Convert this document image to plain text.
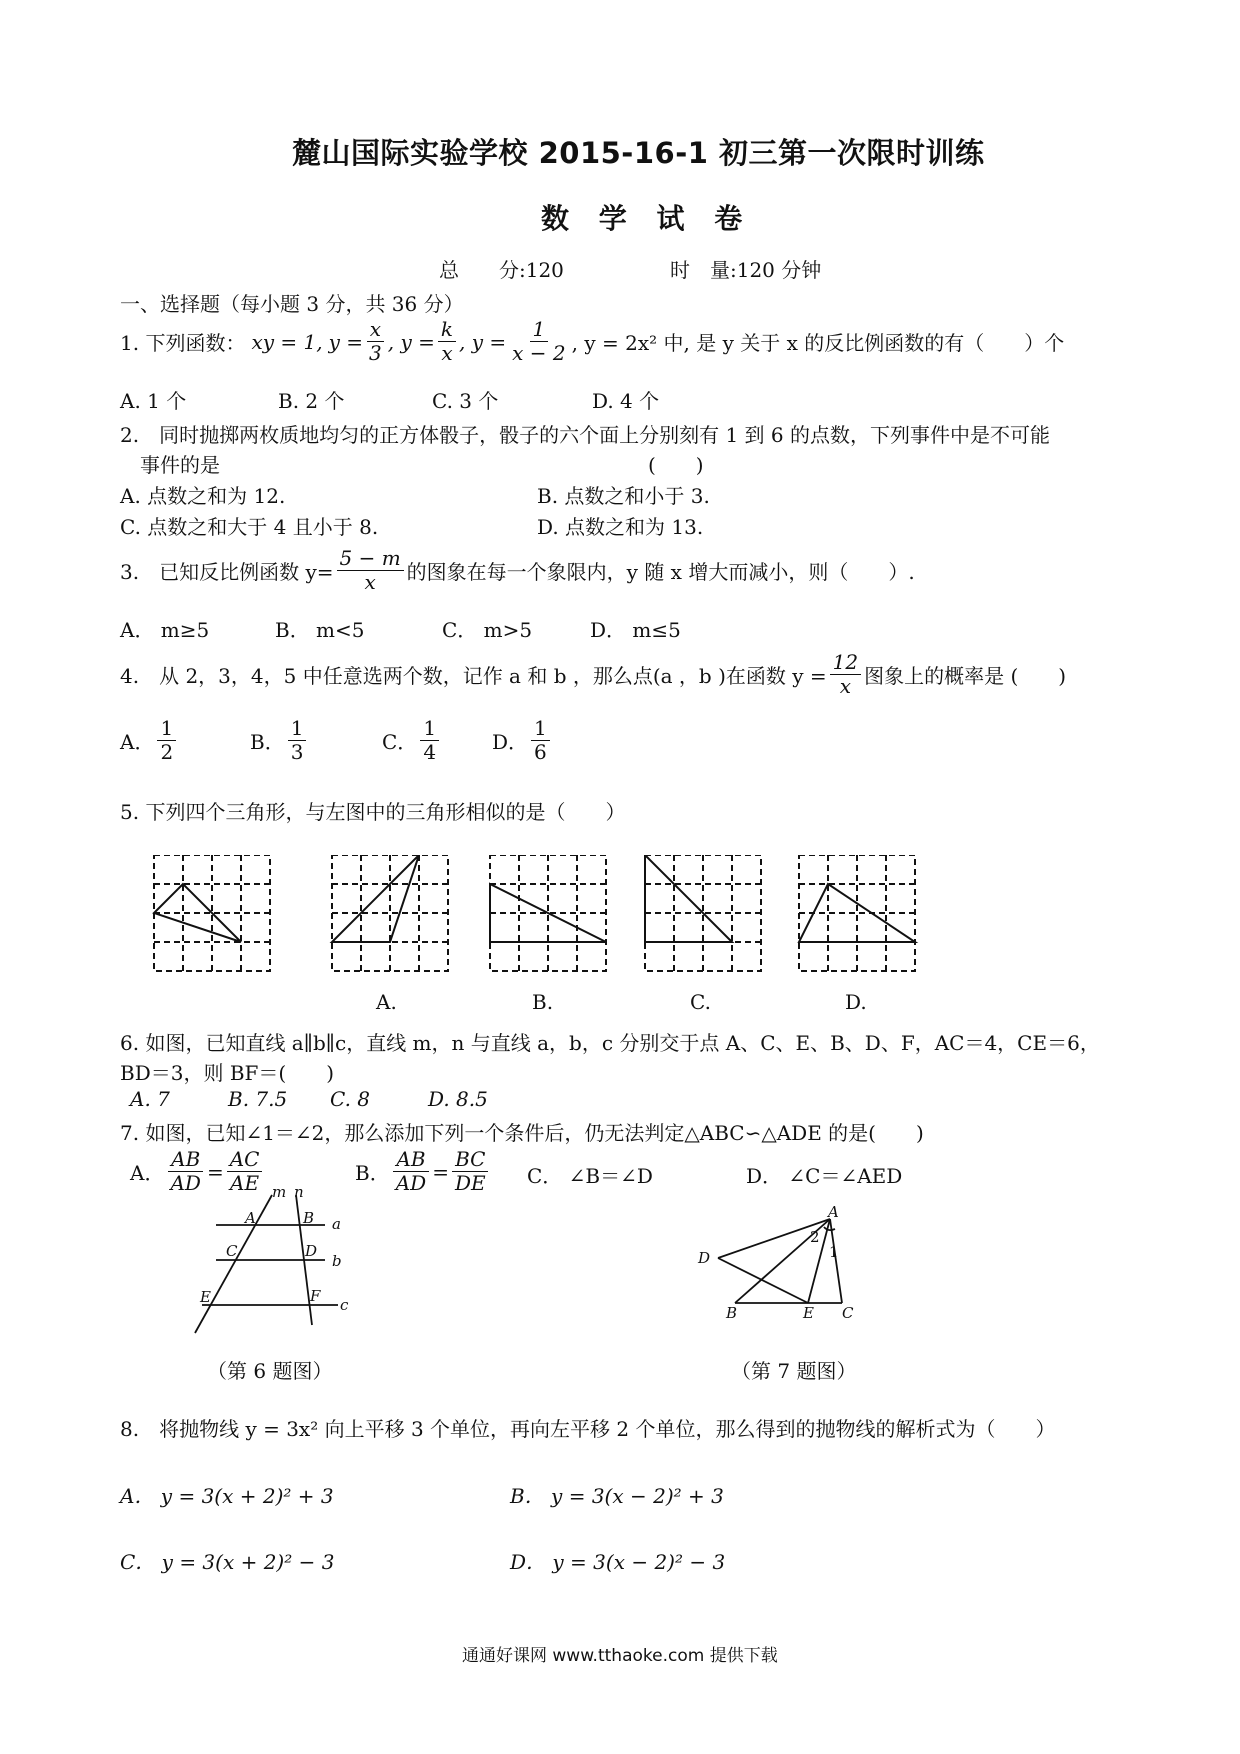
麓山国际实验学校 2015-16-1 初三第一次限时训练
数 学 试 卷
总　　分:120	时　量:120 分钟
一、选择题（每小题 3 分，共 36 分）
1. 下列函数： xy = 1, $y = \frac{x}{3}$ , $y = \frac{k}{x}$ , $y = \frac{1}{x - 2}$ , y = 2x² 中, 是 y 关于 x 的反比例函数的有（　　）个
A. 1 个	B. 2 个	C. 3 个	D. 4 个
2.　同时抛掷两枚质地均匀的正方体骰子，骰子的六个面上分别刻有 1 到 6 的点数，下列事件中是不可能
事件的是	(　　)
A. 点数之和为 12.	B. 点数之和小于 3.
C. 点数之和大于 4 且小于 8.	D. 点数之和为 13.
3.　已知反比例函数 $y= \frac{5 - m}{x}$ 的图象在每一个象限内，y 随 x 增大而减小，则（　　）.
A． m≥5	B． m<5	C． m>5	D． m≤5
4.　从 2，3，4，5 中任意选两个数，记作 a 和 b ，那么点(a ，b )在函数 $y = \frac{12}{x}$ 图象上的概率是 (　　)
A． $\frac{1}{2}$	B． $\frac{1}{3}$	C． $\frac{1}{4}$	D． $\frac{1}{6}$
5. 下列四个三角形，与左图中的三角形相似的是（　　）
A.	B.	C.	D.
6. 如图，已知直线 a∥b∥c，直线 m，n 与直线 a，b，c 分别交于点 A、C、E、B、D、F，AC＝4，CE＝6，
BD＝3，则 BF＝(　　)
A. 7	B. 7.5 C. 8	D. 8.5
7. 如图，已知∠1＝∠2，那么添加下列一个条件后，仍无法判定△ABC∽△ADE 的是(　　)
A． $\frac{AB}{AD} = \frac{AC}{AE}$	B． $\frac{AB}{AD} = \frac{BC}{DE}$ C． ∠B＝∠D	D． ∠C＝∠AED
m n
A	B a
C	D
b
E	F c
（第 6 题图）
A
D
B	E C
2
1
（第 7 题图）
8.　将抛物线 y = 3x² 向上平移 3 个单位，再向左平移 2 个单位，那么得到的抛物线的解析式为（　　）
A． y = 3(x + 2)² + 3	B． y = 3(x − 2)² + 3
C． y = 3(x + 2)² − 3	D． y = 3(x − 2)² − 3
通通好课网 www.tthaoke.com 提供下载
